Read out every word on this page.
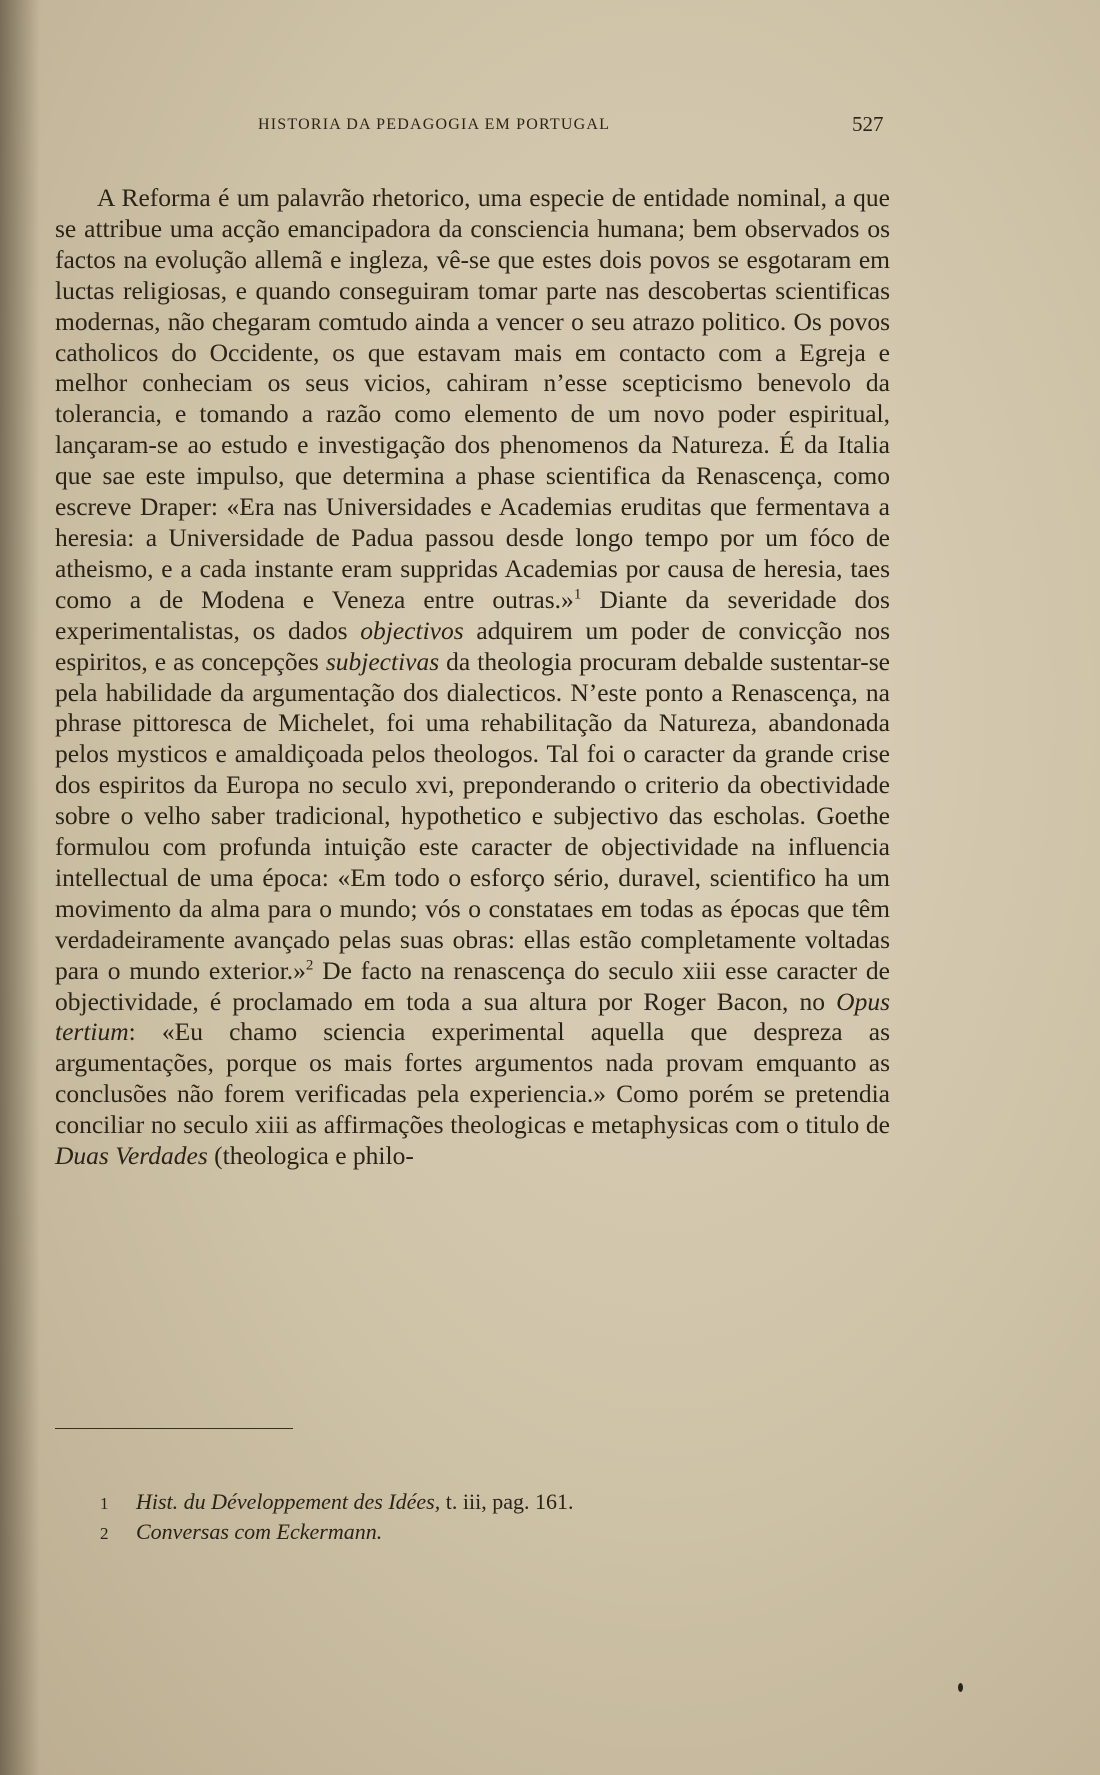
HISTORIA DA PEDAGOGIA EM PORTUGAL	527

A Reforma é um palavrão rhetorico, uma especie de entidade nominal, a que se attribue uma acção emancipadora da consciencia humana; bem observados os factos na evolução allemã e ingleza, vê-se que estes dois povos se esgotaram em luctas religiosas, e quando conseguiram tomar parte nas descobertas scientificas modernas, não chegaram comtudo ainda a vencer o seu atrazo politico. Os povos catholicos do Occidente, os que estavam mais em contacto com a Egreja e melhor conheciam os seus vicios, cahiram n’esse scepticismo benevolo da tolerancia, e tomando a razão como elemento de um novo poder espiritual, lançaram-se ao estudo e investigação dos phenomenos da Natureza. É da Italia que sae este impulso, que determina a phase scientifica da Renascença, como escreve Draper: «Era nas Universidades e Academias eruditas que fermentava a heresia: a Universidade de Padua passou desde longo tempo por um fóco de atheismo, e a cada instante eram suppridas Academias por causa de heresia, taes como a de Modena e Veneza entre outras.»$^1$ Diante da severidade dos experimentalistas, os dados objectivos adquirem um poder de convicção nos espiritos, e as concepções subjectivas da theologia procuram debalde sustentar-se pela habilidade da argumentação dos dialecticos. N’este ponto a Renascença, na phrase pittoresca de Michelet, foi uma rehabilitação da Natureza, abandonada pelos mysticos e amaldiçoada pelos theologos. Tal foi o caracter da grande crise dos espiritos da Europa no seculo xvi, preponderando o criterio da obectividade sobre o velho saber tradicional, hypothetico e subjectivo das escholas. Goethe formulou com profunda intuição este caracter de objectividade na influencia intellectual de uma época: «Em todo o esforço sério, duravel, scientifico ha um movimento da alma para o mundo; vós o constataes em todas as épocas que têm verdadeiramente avançado pelas suas obras: ellas estão completamente voltadas para o mundo exterior.»$^2$ De facto na renascença do seculo xiii esse caracter de objectividade, é proclamado em toda a sua altura por Roger Bacon, no Opus tertium: «Eu chamo sciencia experimental aquella que despreza as argumentações, porque os mais fortes argumentos nada provam emquanto as conclusões não forem verificadas pela experiencia.» Como porém se pretendia conciliar no seculo xiii as affirmações theologicas e metaphysicas com o titulo de Duas Verdades (theologica e philo-

1	Hist. du Développement des Idées, t. iii, pag. 161.
2	Conversas com Eckermann.
